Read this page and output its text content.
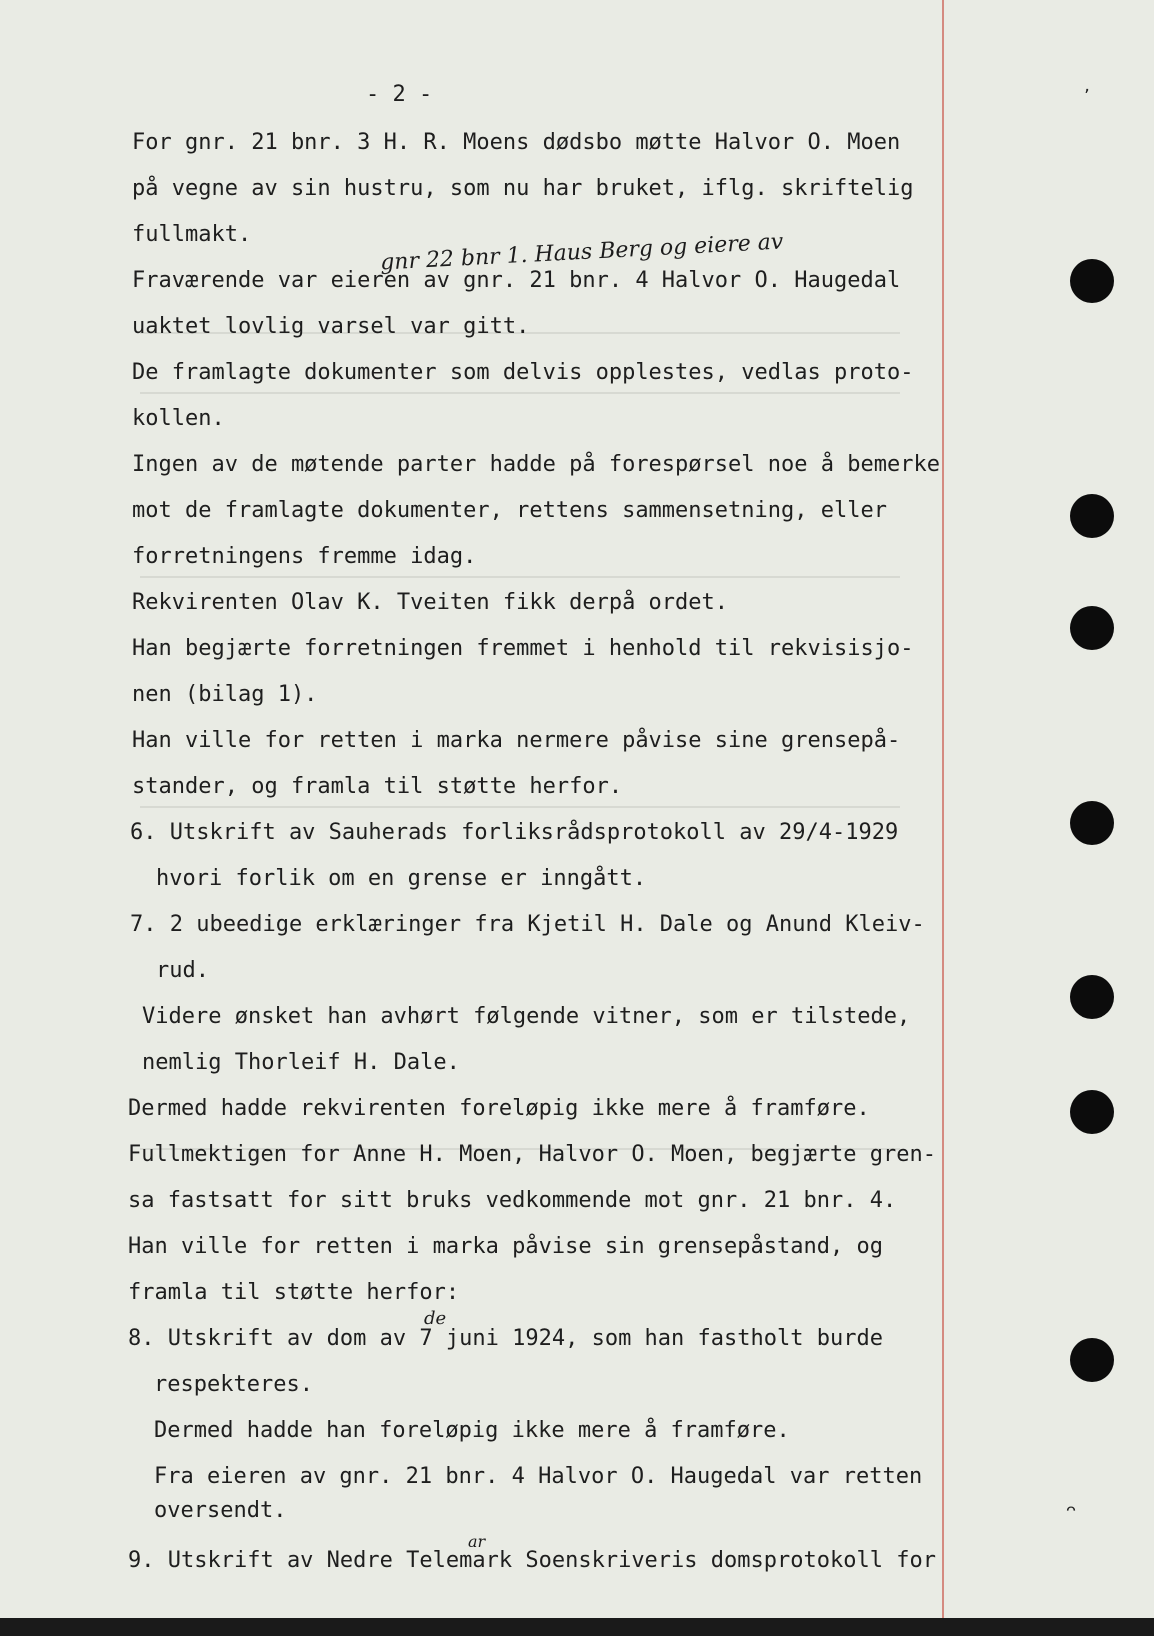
ʼ
ᵔ

- 2 -

gnr 22 bnr 1. Haus Berg og eiere av

For gnr. 21 bnr. 3 H. R. Moens dødsbo møtte Halvor O. Moen

på vegne av sin hustru, som nu har bruket, iflg. skriftelig

fullmakt.

Fraværende var eieren av gnr. 21 bnr. 4 Halvor O. Haugedal

uaktet lovlig varsel var gitt.

De framlagte dokumenter som delvis opplestes, vedlas proto-

kollen.

Ingen av de møtende parter hadde på forespørsel noe å bemerke

mot de framlagte dokumenter, rettens sammensetning, eller

forretningens fremme idag.

Rekvirenten Olav K. Tveiten fikk derpå ordet.

Han begjærte forretningen fremmet i henhold til rekvisisjo-

nen (bilag 1).

Han ville for retten i marka nermere påvise sine grensepå-

stander, og framla til støtte herfor.

6. Utskrift av Sauherads forliksrådsprotokoll av 29/4-1929

hvori forlik om en grense er inngått.

7. 2 ubeedige erklæringer fra Kjetil H. Dale og Anund Kleiv-

rud.

Videre ønsket han avhørt følgende vitner, som er tilstede,

nemlig Thorleif H. Dale.

Dermed hadde rekvirenten foreløpig ikke mere å framføre.

Fullmektigen for Anne H. Moen, Halvor O. Moen, begjærte gren-

sa fastsatt for sitt bruks vedkommende mot gnr. 21 bnr. 4.

Han ville for retten i marka påvise sin grensepåstand, og

framla til støtte herfor:

8. Utskrift av dom av 7 juni 1924, som han fastholt burde

respekteres.

Dermed hadde han foreløpig ikke mere å framføre.

Fra eieren av gnr. 21 bnr. 4 Halvor O. Haugedal var retten

oversendt.

9. Utskrift av Nedre Telemark Soenskriveris domsprotokoll for

de
ar
